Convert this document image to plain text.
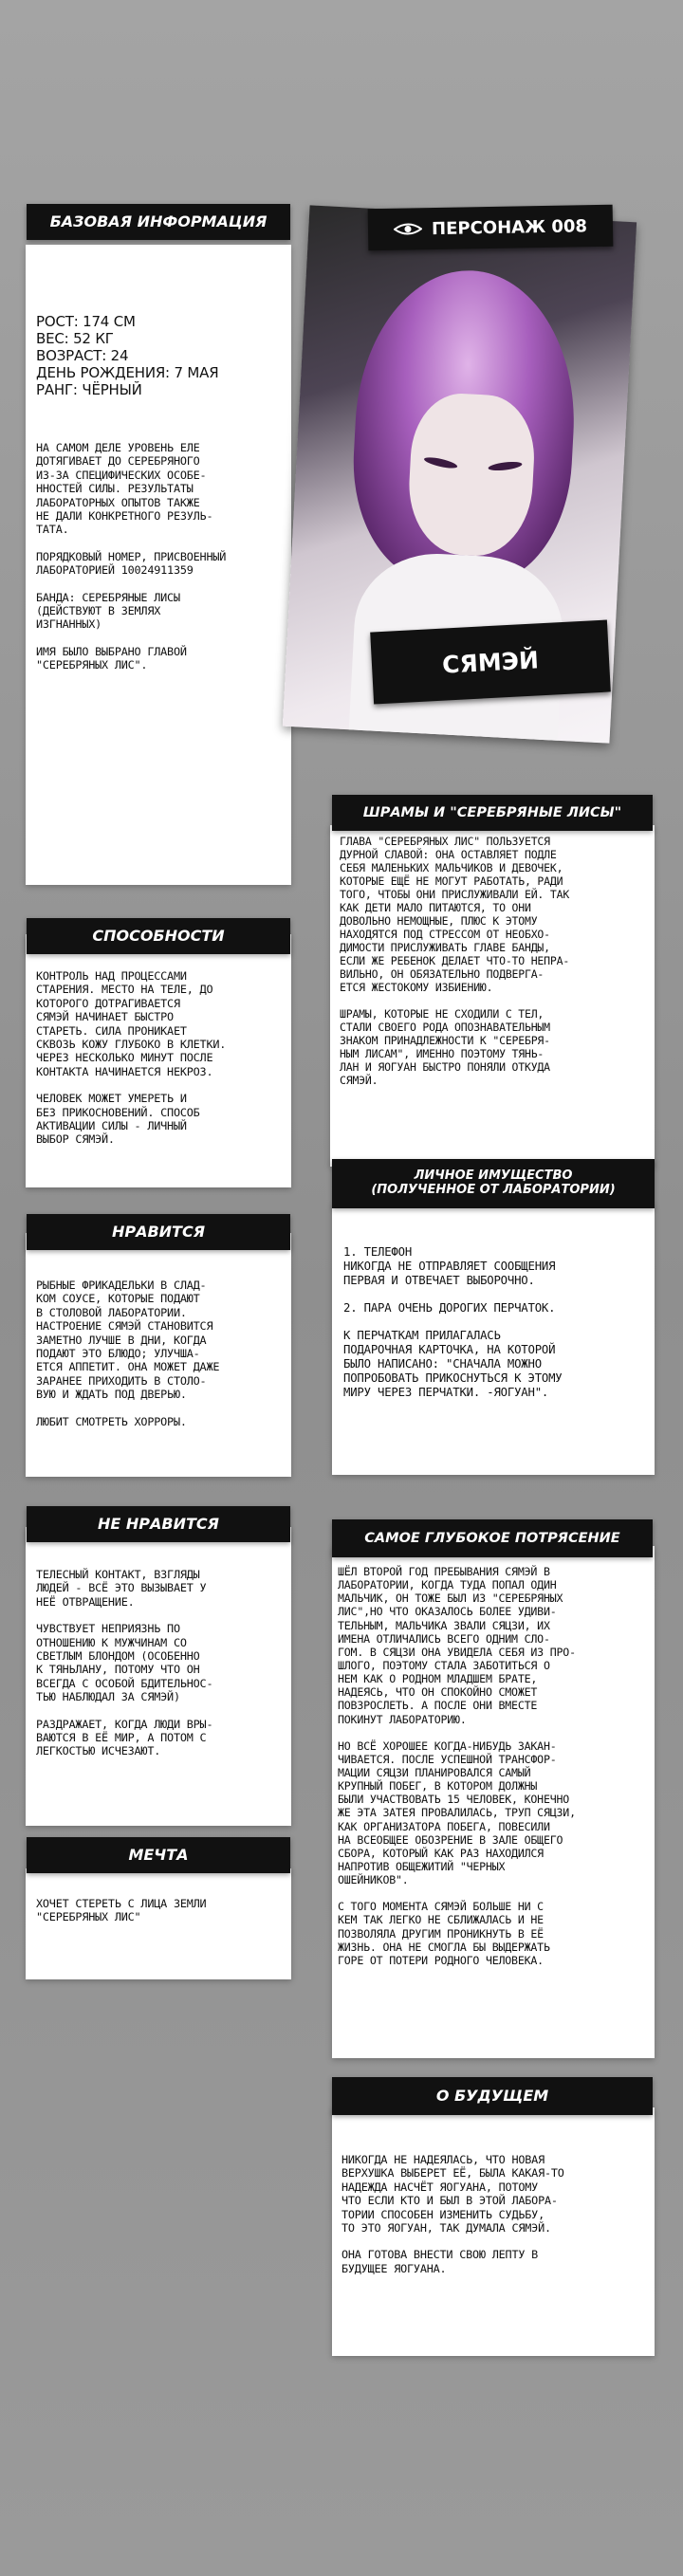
БАЗОВАЯ ИНФОРМАЦИЯ

РОСТ: 174 СМ

ВЕС: 52 КГ

ВОЗРАСТ: 24

ДЕНЬ РОЖДЕНИЯ: 7 МАЯ

РАНГ: ЧЁРНЫЙ

НА САМОМ ДЕЛЕ УРОВЕНЬ ЕЛЕ
ДОТЯГИВАЕТ ДО СЕРЕБРЯНОГО
ИЗ-ЗА СПЕЦИФИЧЕСКИХ ОСОБЕ-
ННОСТЕЙ СИЛЫ. РЕЗУЛЬТАТЫ
ЛАБОРАТОРНЫХ ОПЫТОВ ТАКЖЕ
НЕ ДАЛИ КОНКРЕТНОГО РЕЗУЛЬ-
ТАТА.

ПОРЯДКОВЫЙ НОМЕР, ПРИСВОЕННЫЙ
ЛАБОРАТОРИЕЙ 10024911359

БАНДА: СЕРЕБРЯНЫЕ ЛИСЫ
(ДЕЙСТВУЮТ В ЗЕМЛЯХ
ИЗГНАННЫХ)

ИМЯ БЫЛО ВЫБРАНО ГЛАВОЙ
"СЕРЕБРЯНЫХ ЛИС".

ПЕРСОНАЖ 008
СЯМЭЙ
СПОСОБНОСТИ

КОНТРОЛЬ НАД ПРОЦЕССАМИ
СТАРЕНИЯ. МЕСТО НА ТЕЛЕ, ДО
КОТОРОГО ДОТРАГИВАЕТСЯ
СЯМЭЙ НАЧИНАЕТ БЫСТРО
СТАРЕТЬ. СИЛА ПРОНИКАЕТ
СКВОЗЬ КОЖУ ГЛУБОКО В КЛЕТКИ.
ЧЕРЕЗ НЕСКОЛЬКО МИНУТ ПОСЛЕ
КОНТАКТА НАЧИНАЕТСЯ НЕКРОЗ.

ЧЕЛОВЕК МОЖЕТ УМЕРЕТЬ И
БЕЗ ПРИКОСНОВЕНИЙ. СПОСОБ
АКТИВАЦИИ СИЛЫ - ЛИЧНЫЙ
ВЫБОР СЯМЭЙ.

НРАВИТСЯ

РЫБНЫЕ ФРИКАДЕЛЬКИ В СЛАД-
КОМ СОУСЕ, КОТОРЫЕ ПОДАЮТ
В СТОЛОВОЙ ЛАБОРАТОРИИ.
НАСТРОЕНИЕ СЯМЭЙ СТАНОВИТСЯ
ЗАМЕТНО ЛУЧШЕ В ДНИ, КОГДА
ПОДАЮТ ЭТО БЛЮДО; УЛУЧША-
ЕТСЯ АППЕТИТ. ОНА МОЖЕТ ДАЖЕ
ЗАРАНЕЕ ПРИХОДИТЬ В СТОЛО-
ВУЮ И ЖДАТЬ ПОД ДВЕРЬЮ.

ЛЮБИТ СМОТРЕТЬ ХОРРОРЫ.

НЕ НРАВИТСЯ

ТЕЛЕСНЫЙ КОНТАКТ, ВЗГЛЯДЫ
ЛЮДЕЙ - ВСЁ ЭТО ВЫЗЫВАЕТ У
НЕЁ ОТВРАЩЕНИЕ.

ЧУВСТВУЕТ НЕПРИЯЗНЬ ПО
ОТНОШЕНИЮ К МУЖЧИНАМ СО
СВЕТЛЫМ БЛОНДОМ (ОСОБЕННО
К ТЯНЬЛАНУ, ПОТОМУ ЧТО ОН
ВСЕГДА С ОСОБОЙ БДИТЕЛЬНОС-
ТЬЮ НАБЛЮДАЛ ЗА СЯМЭЙ)

РАЗДРАЖАЕТ, КОГДА ЛЮДИ ВРЫ-
ВАЮТСЯ В ЕЁ МИР, А ПОТОМ С
ЛЕГКОСТЬЮ ИСЧЕЗАЮТ.

МЕЧТА

ХОЧЕТ СТЕРЕТЬ С ЛИЦА ЗЕМЛИ
"СЕРЕБРЯНЫХ ЛИС"

ШРАМЫ И "СЕРЕБРЯНЫЕ ЛИСЫ"

ГЛАВА "СЕРЕБРЯНЫХ ЛИС" ПОЛЬЗУЕТСЯ
ДУРНОЙ СЛАВОЙ: ОНА ОСТАВЛЯЕТ ПОДЛЕ
СЕБЯ МАЛЕНЬКИХ МАЛЬЧИКОВ И ДЕВОЧЕК,
КОТОРЫЕ ЕЩЁ НЕ МОГУТ РАБОТАТЬ, РАДИ
ТОГО, ЧТОБЫ ОНИ ПРИСЛУЖИВАЛИ ЕЙ. ТАК
КАК ДЕТИ МАЛО ПИТАЮТСЯ, ТО ОНИ
ДОВОЛЬНО НЕМОЩНЫЕ, ПЛЮС К ЭТОМУ
НАХОДЯТСЯ ПОД СТРЕССОМ ОТ НЕОБХО-
ДИМОСТИ ПРИСЛУЖИВАТЬ ГЛАВЕ БАНДЫ,
ЕСЛИ ЖЕ РЕБЕНОК ДЕЛАЕТ ЧТО-ТО НЕПРА-
ВИЛЬНО, ОН ОБЯЗАТЕЛЬНО ПОДВЕРГА-
ЕТСЯ ЖЕСТОКОМУ ИЗБИЕНИЮ.

ШРАМЫ, КОТОРЫЕ НЕ СХОДИЛИ С ТЕЛ,
СТАЛИ СВОЕГО РОДА ОПОЗНАВАТЕЛЬНЫМ
ЗНАКОМ ПРИНАДЛЕЖНОСТИ К "СЕРЕБРЯ-
НЫМ ЛИСАМ", ИМЕННО ПОЭТОМУ ТЯНЬ-
ЛАН И ЯОГУАН БЫСТРО ПОНЯЛИ ОТКУДА
СЯМЭЙ.

ЛИЧНОЕ ИМУЩЕСТВО
(ПОЛУЧЕННОЕ ОТ ЛАБОРАТОРИИ)

1. ТЕЛЕФОН
НИКОГДА НЕ ОТПРАВЛЯЕТ СООБЩЕНИЯ
ПЕРВАЯ И ОТВЕЧАЕТ ВЫБОРОЧНО.

2. ПАРА ОЧЕНЬ ДОРОГИХ ПЕРЧАТОК.

К ПЕРЧАТКАМ ПРИЛАГАЛАСЬ
ПОДАРОЧНАЯ КАРТОЧКА, НА КОТОРОЙ
БЫЛО НАПИСАНО: "СНАЧАЛА МОЖНО
ПОПРОБОВАТЬ ПРИКОСНУТЬСЯ К ЭТОМУ
МИРУ ЧЕРЕЗ ПЕРЧАТКИ. -ЯОГУАН".

САМОЕ ГЛУБОКОЕ ПОТРЯСЕНИЕ

ШЁЛ ВТОРОЙ ГОД ПРЕБЫВАНИЯ СЯМЭЙ В
ЛАБОРАТОРИИ, КОГДА ТУДА ПОПАЛ ОДИН
МАЛЬЧИК, ОН ТОЖЕ БЫЛ ИЗ "СЕРЕБРЯНЫХ
ЛИС",НО ЧТО ОКАЗАЛОСЬ БОЛЕЕ УДИВИ-
ТЕЛЬНЫМ, МАЛЬЧИКА ЗВАЛИ СЯЦЗИ, ИХ
ИМЕНА ОТЛИЧАЛИСЬ ВСЕГО ОДНИМ СЛО-
ГОМ. В СЯЦЗИ ОНА УВИДЕЛА СЕБЯ ИЗ ПРО-
ШЛОГО, ПОЭТОМУ СТАЛА ЗАБОТИТЬСЯ О
НЕМ КАК О РОДНОМ МЛАДШЕМ БРАТЕ,
НАДЕЯСЬ, ЧТО ОН СПОКОЙНО СМОЖЕТ
ПОВЗРОСЛЕТЬ. А ПОСЛЕ ОНИ ВМЕСТЕ
ПОКИНУТ ЛАБОРАТОРИЮ.

НО ВСЁ ХОРОШЕЕ КОГДА-НИБУДЬ ЗАКАН-
ЧИВАЕТСЯ. ПОСЛЕ УСПЕШНОЙ ТРАНСФОР-
МАЦИИ СЯЦЗИ ПЛАНИРОВАЛСЯ САМЫЙ
КРУПНЫЙ ПОБЕГ, В КОТОРОМ ДОЛЖНЫ
БЫЛИ УЧАСТВОВАТЬ 15 ЧЕЛОВЕК, КОНЕЧНО
ЖЕ ЭТА ЗАТЕЯ ПРОВАЛИЛАСЬ, ТРУП СЯЦЗИ,
КАК ОРГАНИЗАТОРА ПОБЕГА, ПОВЕСИЛИ
НА ВСЕОБЩЕЕ ОБОЗРЕНИЕ В ЗАЛЕ ОБЩЕГО
СБОРА, КОТОРЫЙ КАК РАЗ НАХОДИЛСЯ
НАПРОТИВ ОБЩЕЖИТИЙ "ЧЕРНЫХ
ОШЕЙНИКОВ".

С ТОГО МОМЕНТА СЯМЭЙ БОЛЬШЕ НИ С
КЕМ ТАК ЛЕГКО НЕ СБЛИЖАЛАСЬ И НЕ
ПОЗВОЛЯЛА ДРУГИМ ПРОНИКНУТЬ В ЕЁ
ЖИЗНЬ. ОНА НЕ СМОГЛА БЫ ВЫДЕРЖАТЬ
ГОРЕ ОТ ПОТЕРИ РОДНОГО ЧЕЛОВЕКА.

О БУДУЩЕМ

НИКОГДА НЕ НАДЕЯЛАСЬ, ЧТО НОВАЯ
ВЕРХУШКА ВЫБЕРЕТ ЕЁ, БЫЛА КАКАЯ-ТО
НАДЕЖДА НАСЧЁТ ЯОГУАНА, ПОТОМУ
ЧТО ЕСЛИ КТО И БЫЛ В ЭТОЙ ЛАБОРА-
ТОРИИ СПОСОБЕН ИЗМЕНИТЬ СУДЬБУ,
ТО ЭТО ЯОГУАН, ТАК ДУМАЛА СЯМЭЙ.

ОНА ГОТОВА ВНЕСТИ СВОЮ ЛЕПТУ В
БУДУЩЕЕ ЯОГУАНА.
